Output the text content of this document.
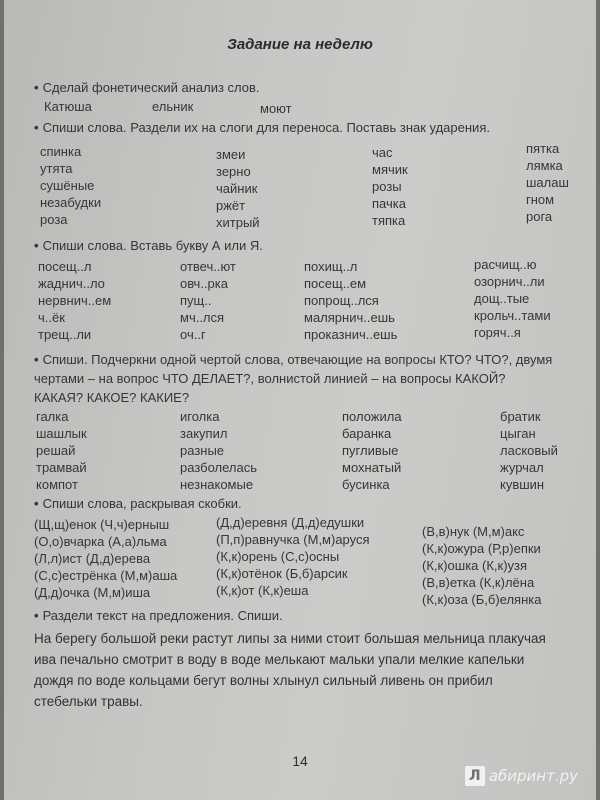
Задание на неделю
• Сделай фонетический анализ слов.
Катюша	ельник	моют
• Спиши слова. Раздели их на слоги для переноса. Поставь знак ударения.
спинка
утята
сушёные
незабудки
роза
змеи
зерно
чайник
ржёт
хитрый
час
мячик
розы
пачка
тяпка
пятка
лямка
шалаш
гном
рога
• Спиши слова. Вставь букву А или Я.
посещ..л
жаднич..ло
нервнич..ем
ч..ёк
трещ..ли
отвеч..ют
овч..рка
пущ..
мч..лся
оч..г
похищ..л
посещ..ем
попрощ..лся
малярнич..ешь
проказнич..ешь
расчищ..ю
озорнич..ли
дощ..тые
крольч..тами
горяч..я
• Спиши. Подчеркни одной чертой слова, отвечающие на вопросы КТО? ЧТО?, двумя
чертами – на вопрос ЧТО ДЕЛАЕТ?, волнистой линией – на вопросы КАКОЙ?
КАКАЯ? КАКОЕ? КАКИЕ?
галка
шашлык
решай
трамвай
компот
иголка
закупил
разные
разболелась
незнакомые
положила
баранка
пугливые
мохнатый
бусинка
братик
цыган
ласковый
журчал
кувшин
• Спиши слова, раскрывая скобки.
(Щ,щ)енок (Ч,ч)ерныш
(О,о)вчарка (А,а)льма
(Л,л)ист (Д,д)ерева
(С,с)естрёнка (М,м)аша
(Д,д)очка (М,м)иша
(Д,д)еревня (Д,д)едушки
(П,п)равнучка (М,м)аруся
(К,к)орень (С,с)осны
(К,к)отёнок (Б,б)арсик
(К,к)от (К,к)еша
(В,в)нук (М,м)акс
(К,к)ожура (Р,р)епки
(К,к)ошка (К,к)узя
(В,в)етка (К,к)лёна
(К,к)оза (Б,б)елянка
• Раздели текст на предложения. Спиши.
На берегу большой реки растут липы за ними стоит большая мельница плакучая
ива печально смотрит в воду в воде мелькают мальки упали мелкие капельки
дождя по воде кольцами бегут волны хлынул сильный ливень он прибил
стебельки травы.
14
Л абиринт.ру
